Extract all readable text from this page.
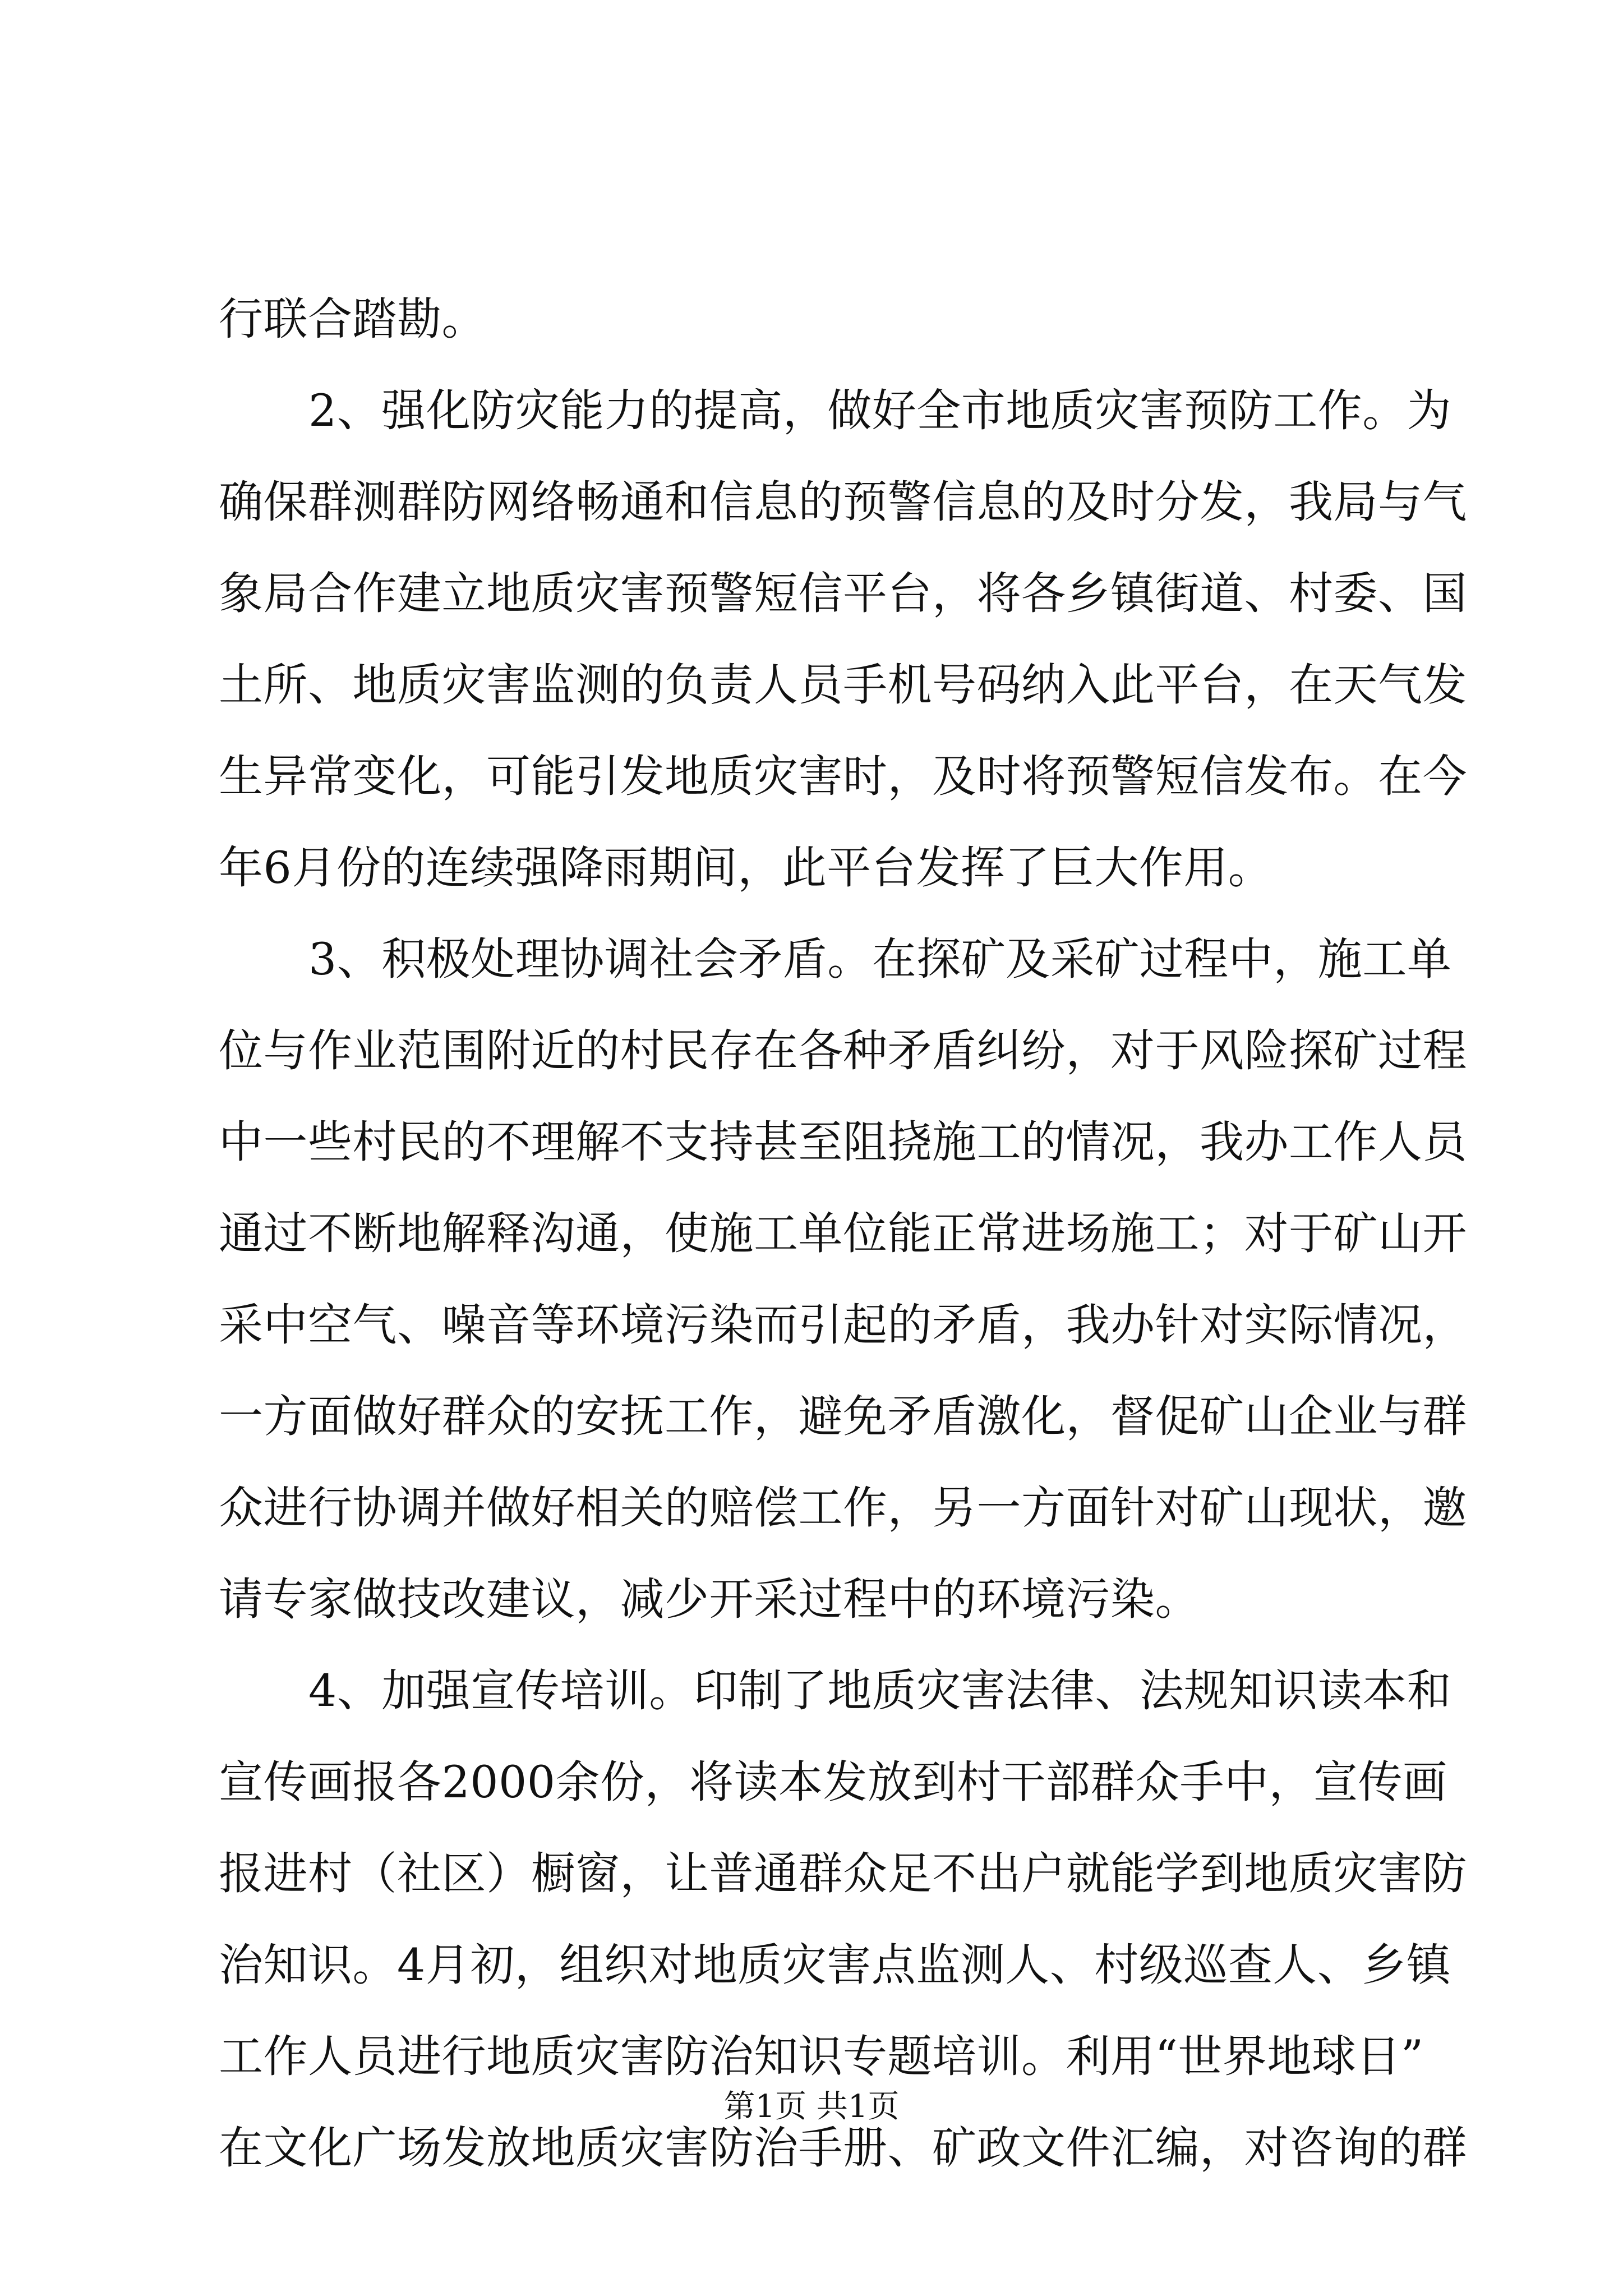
行联合踏勘。
2、强化防灾能力的提高，做好全市地质灾害预防工作。为
确保群测群防网络畅通和信息的预警信息的及时分发，我局与气
象局合作建立地质灾害预警短信平台，将各乡镇街道、村委、国
土所、地质灾害监测的负责人员手机号码纳入此平台，在天气发
生异常变化，可能引发地质灾害时，及时将预警短信发布。在今
年6月份的连续强降雨期间，此平台发挥了巨大作用。
3、积极处理协调社会矛盾。在探矿及采矿过程中，施工单
位与作业范围附近的村民存在各种矛盾纠纷，对于风险探矿过程
中一些村民的不理解不支持甚至阻挠施工的情况，我办工作人员
通过不断地解释沟通，使施工单位能正常进场施工；对于矿山开
采中空气、噪音等环境污染而引起的矛盾，我办针对实际情况，
一方面做好群众的安抚工作，避免矛盾激化，督促矿山企业与群
众进行协调并做好相关的赔偿工作，另一方面针对矿山现状，邀
请专家做技改建议，减少开采过程中的环境污染。
4、加强宣传培训。印制了地质灾害法律、法规知识读本和
宣传画报各2000余份，将读本发放到村干部群众手中，宣传画
报进村（社区）橱窗，让普通群众足不出户就能学到地质灾害防
治知识。4月初，组织对地质灾害点监测人、村级巡查人、乡镇
工作人员进行地质灾害防治知识专题培训。利用“世界地球日”
在文化广场发放地质灾害防治手册、矿政文件汇编，对咨询的群
第1页 共1页
